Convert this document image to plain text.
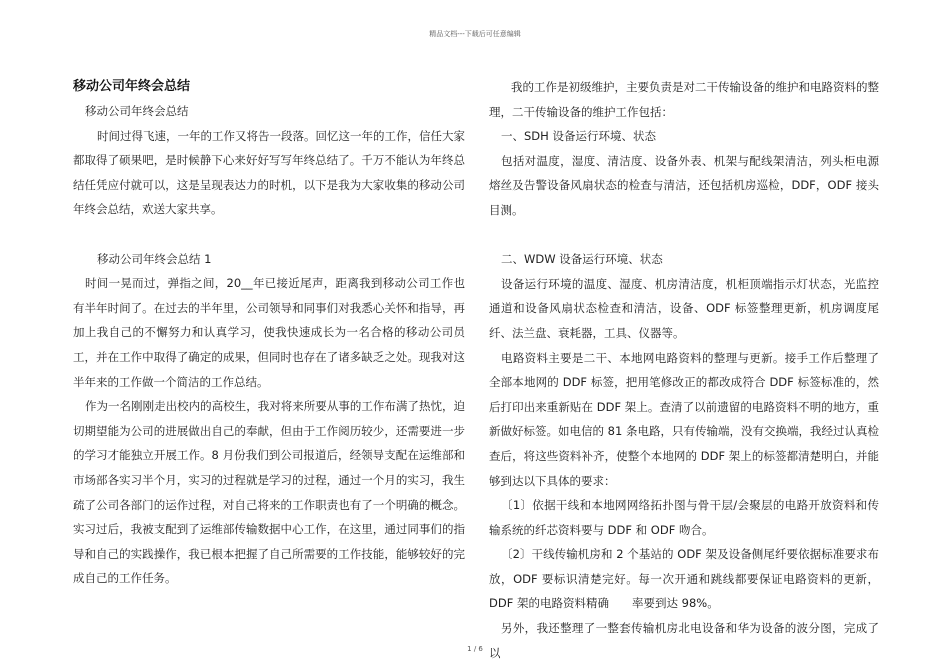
精品文档---下载后可任意编辑
移动公司年终会总结

移动公司年终会总结

时间过得飞速，一年的工作又将告一段落。回忆这一年的工作，信任大家都取得了硕果吧，是时候静下心来好好写写年终总结了。千万不能认为年终总结任凭应付就可以，这是呈现表达力的时机，以下是我为大家收集的移动公司年终会总结，欢送大家共享。

移动公司年终会总结 1

时间一晃而过，弹指之间，20__年已接近尾声，距离我到移动公司工作也有半年时间了。在过去的半年里，公司领导和同事们对我悉心关怀和指导，再加上我自己的不懈努力和认真学习，使我快速成长为一名合格的移动公司员工，并在工作中取得了确定的成果，但同时也存在了诸多缺乏之处。现我对这半年来的工作做一个简洁的工作总结。

作为一名刚刚走出校内的高校生，我对将来所要从事的工作布满了热忱，迫切期望能为公司的进展做出自己的奉献，但由于工作阅历较少，还需要进一步的学习才能独立开展工作。8 月份我们到公司报道后，经领导支配在运维部和市场部各实习半个月，实习的过程就是学习的过程，通过一个月的实习，我生疏了公司各部门的运作过程，对自己将来的工作职责也有了一个明确的概念。实习过后，我被支配到了运维部传输数据中心工作，在这里，通过同事们的指导和自己的实践操作，我已根本把握了自己所需要的工作技能，能够较好的完成自己的工作任务。

我的工作是初级维护，主要负责是对二干传输设备的维护和电路资料的整理，二干传输设备的维护工作包括：

一、SDH 设备运行环境、状态

包括对温度，湿度、清洁度、设备外表、机架与配线架清洁，列头柜电源熔丝及告警设备风扇状态的检查与清洁，还包括机房巡检，DDF，ODF 接头目测。

二、WDW 设备运行环境、状态

设备运行环境的温度、湿度、机房清洁度，机柜顶端指示灯状态，光监控通道和设备风扇状态检查和清洁，设备、ODF 标签整理更新，机房调度尾纤、法兰盘、衰耗器，工具、仪器等。

电路资料主要是二干、本地网电路资料的整理与更新。接手工作后整理了全部本地网的 DDF 标签，把用笔修改正的都改成符合 DDF 标签标准的，然后打印出来重新贴在 DDF 架上。查清了以前遗留的电路资料不明的地方，重新做好标签。如电信的 81 条电路，只有传输端，没有交换端，我经过认真检查后，将这些资料补齐，使整个本地网的 DDF 架上的标签都清楚明白，并能够到达以下具体的要求：

〔1〕依据干线和本地网网络拓扑图与骨干层/会聚层的电路开放资料和传输系统的纤芯资料要与 DDF 和 ODF 吻合。

〔2〕干线传输机房和 2 个基站的 ODF 架及设备侧尾纤要依据标准要求布放，ODF 要标识清楚完好。每一次开通和跳线都要保证电路资料的更新，DDF 架的电路资料精确　　率要到达 98%。

另外，我还整理了一整套传输机房北电设备和华为设备的波分图，完成了以

1 / 6
